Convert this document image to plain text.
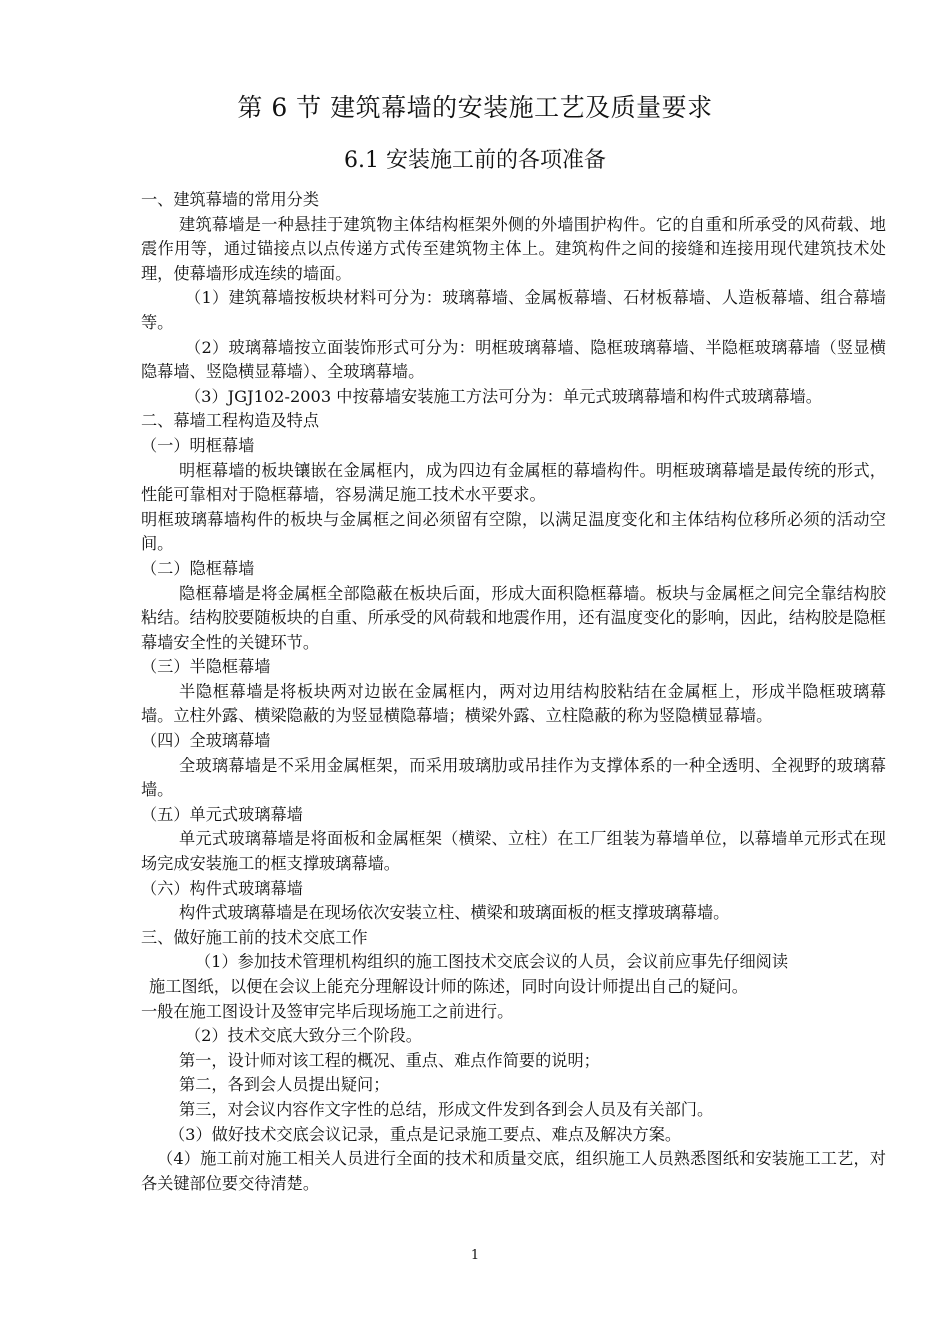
第 6 节 建筑幕墙的安装施工艺及质量要求
6.1 安装施工前的各项准备

一、建筑幕墙的常用分类

建筑幕墙是一种悬挂于建筑物主体结构框架外侧的外墙围护构件。它的自重和所承受的风荷载、地震作用等，通过锚接点以点传递方式传至建筑物主体上。建筑构件之间的接缝和连接用现代建筑技术处理，使幕墙形成连续的墙面。

（1）建筑幕墙按板块材料可分为：玻璃幕墙、金属板幕墙、石材板幕墙、人造板幕墙、组合幕墙等。

（2）玻璃幕墙按立面装饰形式可分为：明框玻璃幕墙、隐框玻璃幕墙、半隐框玻璃幕墙（竖显横隐幕墙、竖隐横显幕墙）、全玻璃幕墙。

（3）JGJ102-2003 中按幕墙安装施工方法可分为：单元式玻璃幕墙和构件式玻璃幕墙。

二、幕墙工程构造及特点

（一）明框幕墙

明框幕墙的板块镶嵌在金属框内，成为四边有金属框的幕墙构件。明框玻璃幕墙是最传统的形式，性能可靠相对于隐框幕墙，容易满足施工技术水平要求。

明框玻璃幕墙构件的板块与金属框之间必须留有空隙，以满足温度变化和主体结构位移所必须的活动空间。

（二）隐框幕墙

隐框幕墙是将金属框全部隐蔽在板块后面，形成大面积隐框幕墙。板块与金属框之间完全靠结构胶粘结。结构胶要随板块的自重、所承受的风荷载和地震作用，还有温度变化的影响，因此，结构胶是隐框幕墙安全性的关键环节。

（三）半隐框幕墙

半隐框幕墙是将板块两对边嵌在金属框内，两对边用结构胶粘结在金属框上，形成半隐框玻璃幕墙。立柱外露、横梁隐蔽的为竖显横隐幕墙；横梁外露、立柱隐蔽的称为竖隐横显幕墙。

（四）全玻璃幕墙

全玻璃幕墙是不采用金属框架，而采用玻璃肋或吊挂作为支撑体系的一种全透明、全视野的玻璃幕墙。

（五）单元式玻璃幕墙

单元式玻璃幕墙是将面板和金属框架（横梁、立柱）在工厂组装为幕墙单位，以幕墙单元形式在现场完成安装施工的框支撑玻璃幕墙。

（六）构件式玻璃幕墙

构件式玻璃幕墙是在现场依次安装立柱、横梁和玻璃面板的框支撑玻璃幕墙。

三、做好施工前的技术交底工作

（1）参加技术管理机构组织的施工图技术交底会议的人员，会议前应事先仔细阅读

施工图纸，以便在会议上能充分理解设计师的陈述，同时向设计师提出自己的疑问。

一般在施工图设计及签审完毕后现场施工之前进行。

（2）技术交底大致分三个阶段。

第一，设计师对该工程的概况、重点、难点作简要的说明；

第二，各到会人员提出疑问；

第三，对会议内容作文字性的总结，形成文件发到各到会人员及有关部门。

（3）做好技术交底会议记录，重点是记录施工要点、难点及解决方案。

（4）施工前对施工相关人员进行全面的技术和质量交底，组织施工人员熟悉图纸和安装施工工艺，对各关键部位要交待清楚。

1
